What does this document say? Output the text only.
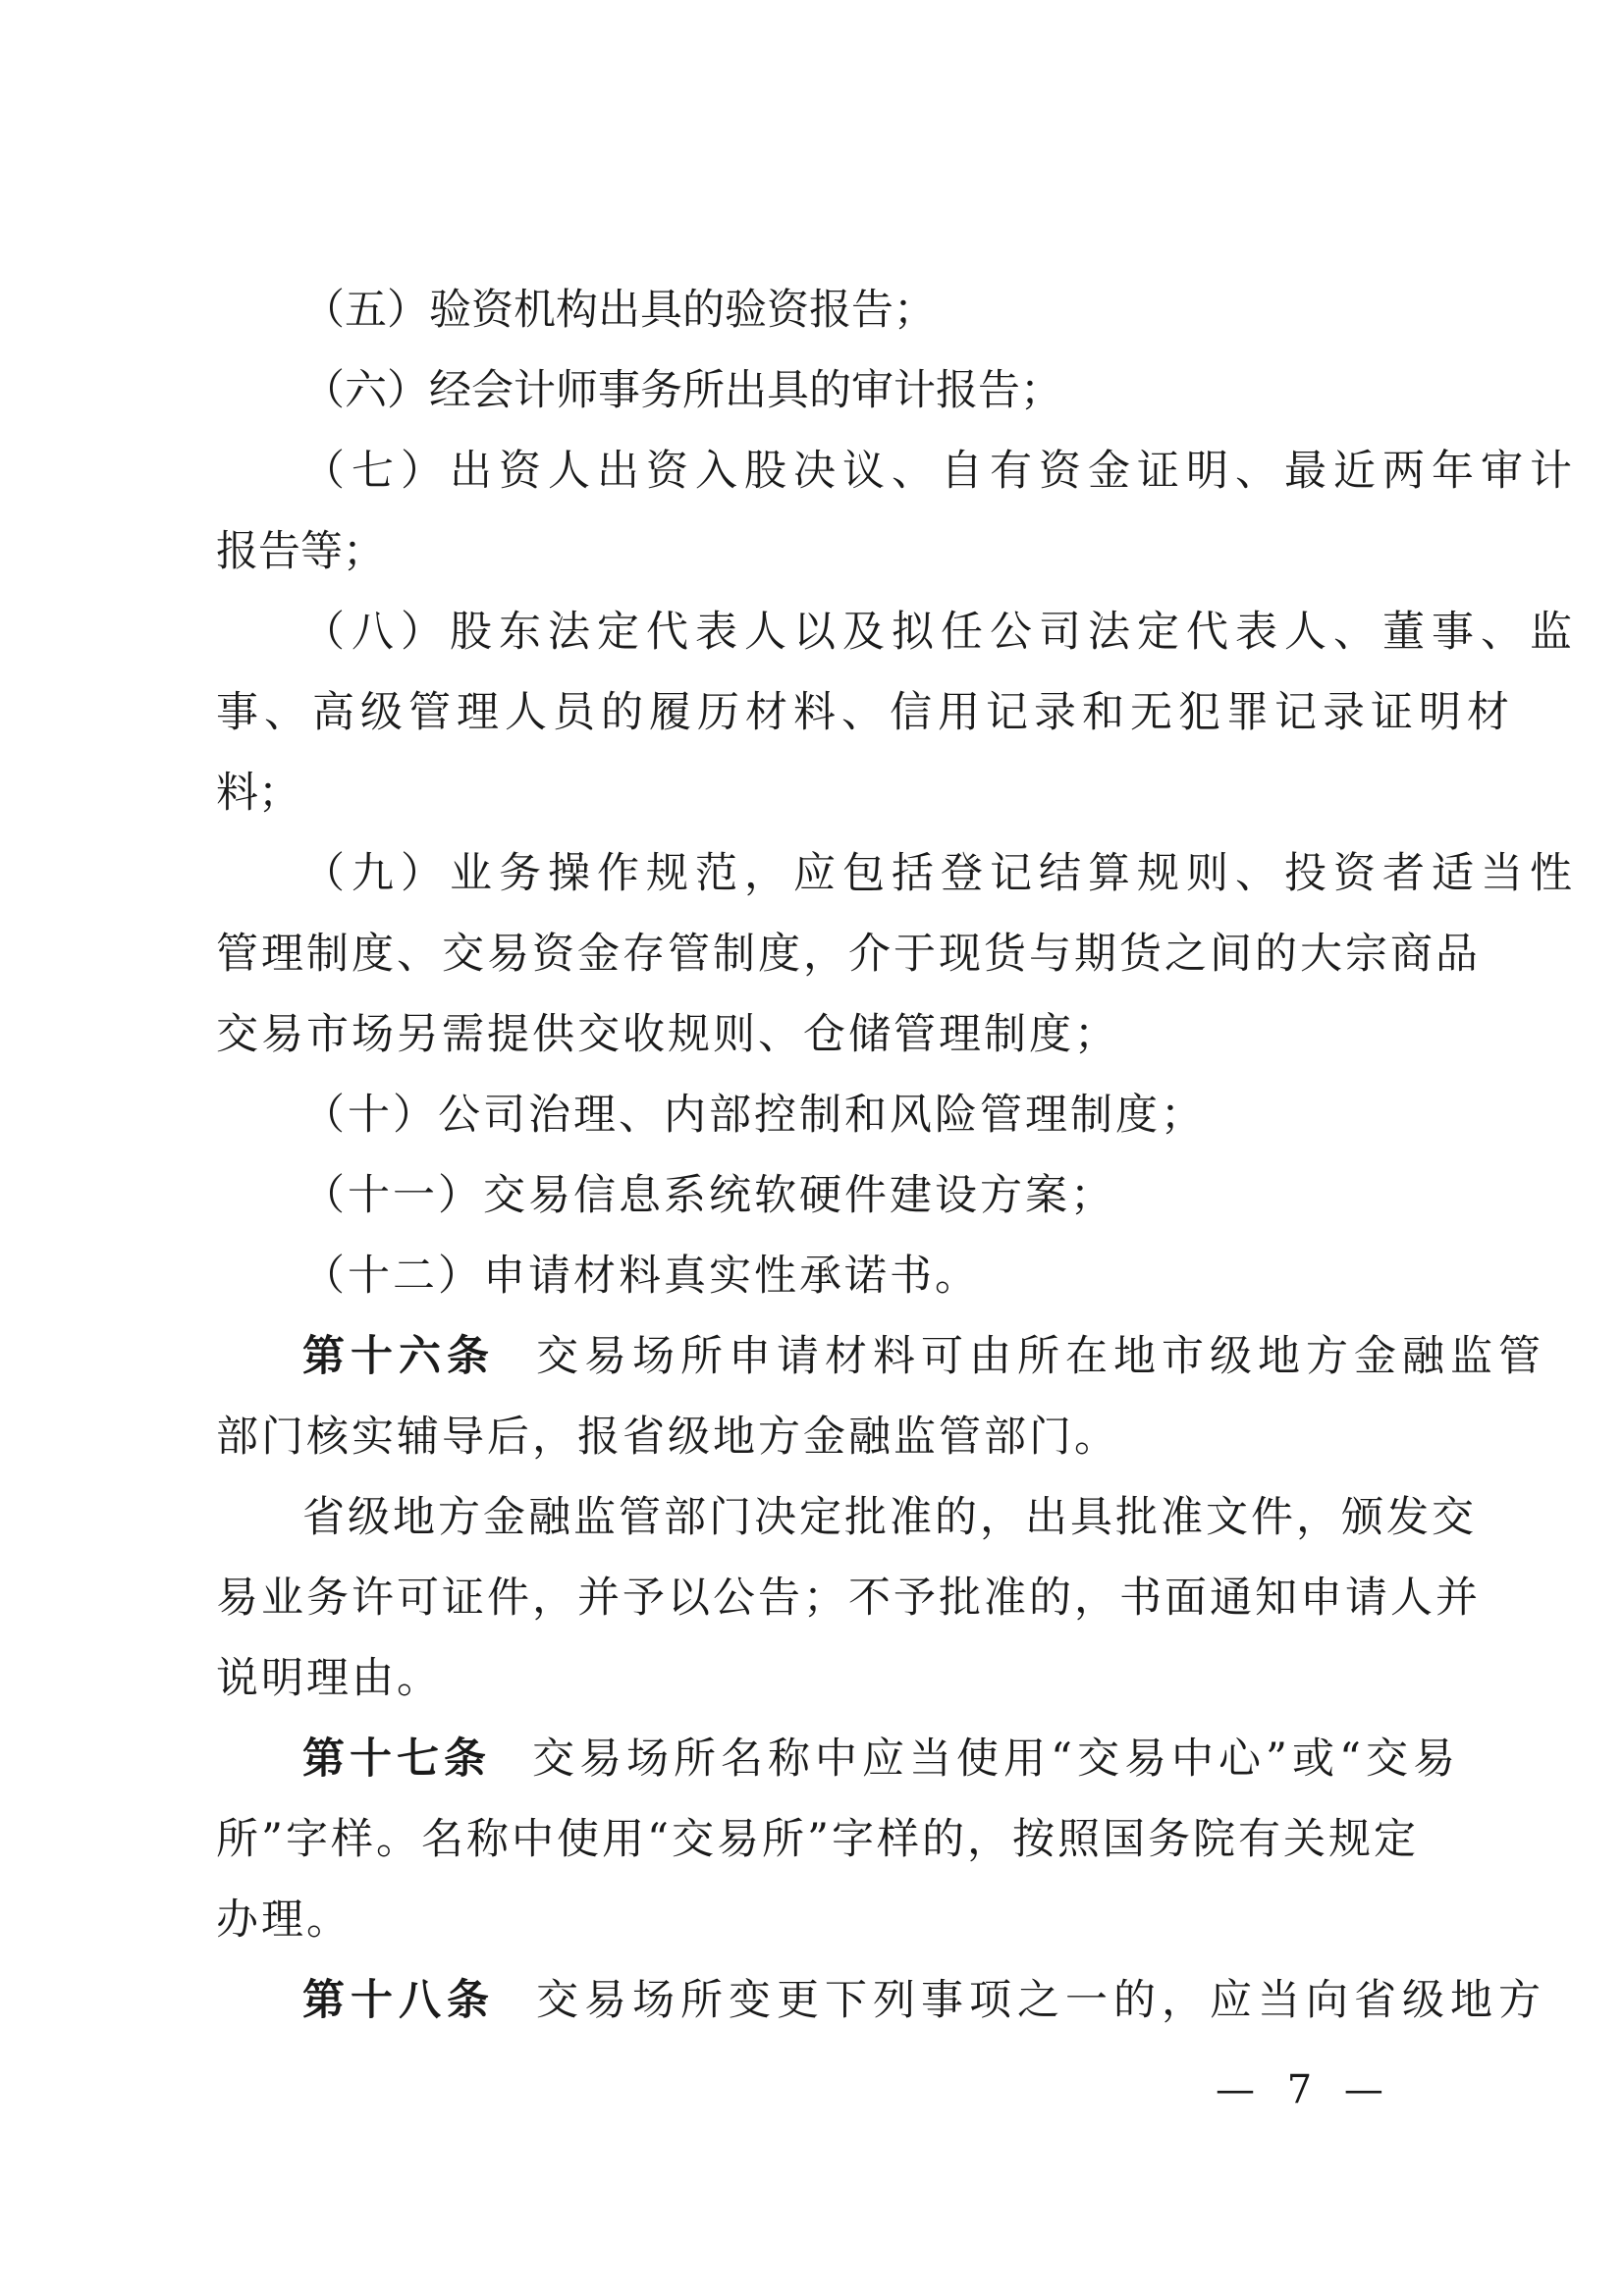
（五）验资机构出具的验资报告；
（六）经会计师事务所出具的审计报告；
（七）出资人出资入股决议、自有资金证明、最近两年审计
报告等；
（八）股东法定代表人以及拟任公司法定代表人、董事、监
事、高级管理人员的履历材料、信用记录和无犯罪记录证明材
料；
（九）业务操作规范，应包括登记结算规则、投资者适当性
管理制度、交易资金存管制度，介于现货与期货之间的大宗商品
交易市场另需提供交收规则、仓储管理制度；
（十）公司治理、内部控制和风险管理制度；
（十一）交易信息系统软硬件建设方案；
（十二）申请材料真实性承诺书。
第十六条 交易场所申请材料可由所在地市级地方金融监管
部门核实辅导后，报省级地方金融监管部门。
省级地方金融监管部门决定批准的，出具批准文件，颁发交
易业务许可证件，并予以公告；不予批准的，书面通知申请人并
说明理由。
第十七条 交易场所名称中应当使用“交易中心”或“交易
所”字样。名称中使用“交易所”字样的，按照国务院有关规定
办理。
第十八条 交易场所变更下列事项之一的，应当向省级地方
— 7 —
